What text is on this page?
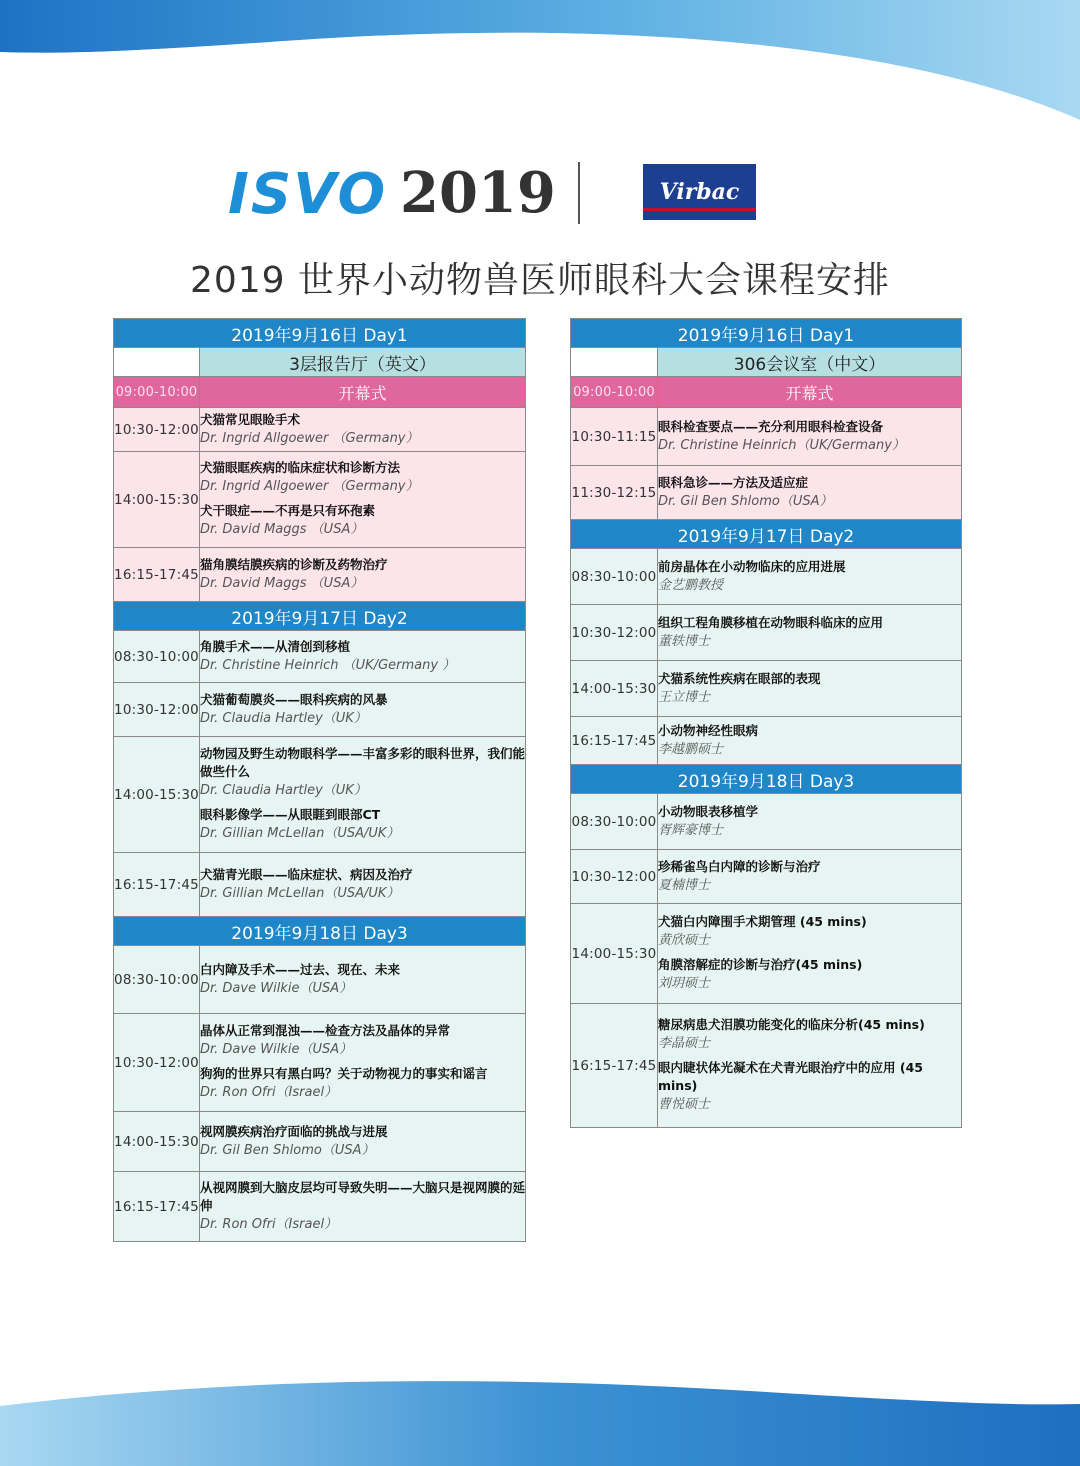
ISVO 2019	Virbac
2019 世界小动物兽医师眼科大会课程安排
2019年9月16日 Day1	
	3层报告厅（英文）
09:00-10:00	开幕式
10:30-12:00	犬猫常见眼睑手术
Dr. Ingrid Allgoewer （Germany）

14:00-15:30	犬猫眼眶疾病的临床症状和诊断方法
Dr. Ingrid Allgoewer （Germany）
犬干眼症——不再是只有环孢素
Dr. David Maggs （USA）

16:15-17:45	猫角膜结膜疾病的诊断及药物治疗
Dr. David Maggs （USA）

2019年9月17日 Day2	
08:30-10:00	角膜手术——从清创到移植
Dr. Christine Heinrich （UK/Germany ）

10:30-12:00	犬猫葡萄膜炎——眼科疾病的风暴
Dr. Claudia Hartley（UK）

14:00-15:30	动物园及野生动物眼科学——丰富多彩的眼科世界，我们能做些什么
Dr. Claudia Hartley（UK）
眼科影像学——从眼睚到眼部CT
Dr. Gillian McLellan（USA/UK）

16:15-17:45	犬猫青光眼——临床症状、病因及治疗
Dr. Gillian McLellan（USA/UK）

2019年9月18日 Day3	
08:30-10:00	白内障及手术——过去、现在、未来
Dr. Dave Wilkie（USA）

10:30-12:00	晶体从正常到混浊——检查方法及晶体的异常
Dr. Dave Wilkie（USA）
狗狗的世界只有黑白吗？关于动物视力的事实和谣言
Dr. Ron Ofri（Israel）

14:00-15:30	视网膜疾病治疗面临的挑战与进展
Dr. Gil Ben Shlomo（USA）

16:15-17:45	从视网膜到大脑皮层均可导致失明——大脑只是视网膜的延伸
Dr. Ron Ofri（Israel）
2019年9月16日 Day1	
	306会议室（中文）
09:00-10:00	开幕式
10:30-11:15	眼科检查要点——充分利用眼科检查设备
Dr. Christine Heinrich（UK/Germany）

11:30-12:15	眼科急诊——方法及适应症
Dr. Gil Ben Shlomo（USA）

2019年9月17日 Day2	
08:30-10:00	前房晶体在小动物临床的应用进展
金艺鹏教授

10:30-12:00	组织工程角膜移植在动物眼科临床的应用
董轶博士

14:00-15:30	犬猫系统性疾病在眼部的表现
王立博士

16:15-17:45	小动物神经性眼病
李越鹏硕士

2019年9月18日 Day3	
08:30-10:00	小动物眼表移植学
胥辉豪博士

10:30-12:00	珍稀雀鸟白内障的诊断与治疗
夏楠博士

14:00-15:30	犬猫白内障围手术期管理 (45 mins)
黄欣硕士
角膜溶解症的诊断与治疗(45 mins)
刘玥硕士

16:15-17:45	糖尿病患犬泪膜功能变化的临床分析(45 mins)
李晶硕士
眼内睫状体光凝术在犬青光眼治疗中的应用 (45 mins)
曹悦硕士
